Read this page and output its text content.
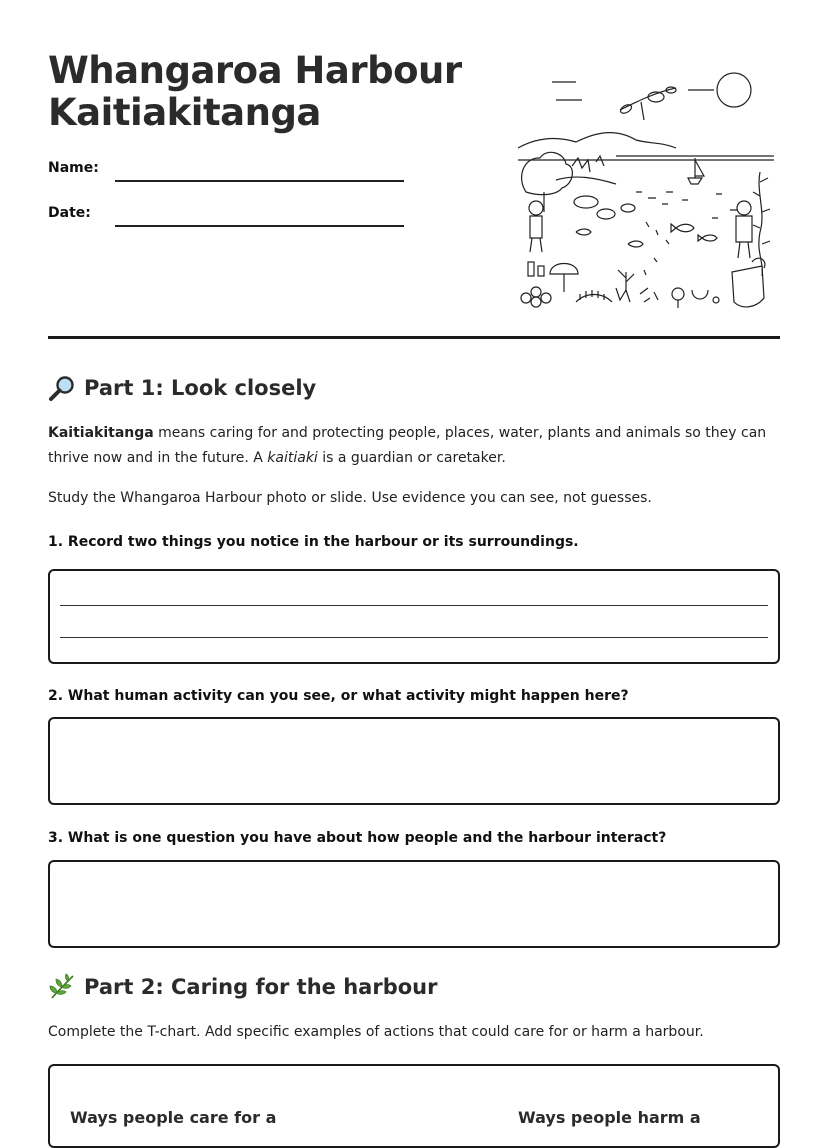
Whangaroa Harbour
Kaitiakitanga
Name:
Date:
Part 1: Look closely

Kaitiakitanga means caring for and protecting people, places, water, plants and animals so they can thrive now and in the future. A kaitiaki is a guardian or caretaker.

Study the Whangaroa Harbour photo or slide. Use evidence you can see, not guesses.

1. Record two things you notice in the harbour or its surroundings.

2. What human activity can you see, or what activity might happen here?

3. What is one question you have about how people and the harbour interact?

Part 2: Caring for the harbour

Complete the T-chart. Add specific examples of actions that could care for or harm a harbour.

Ways people care for a	Ways people harm a
